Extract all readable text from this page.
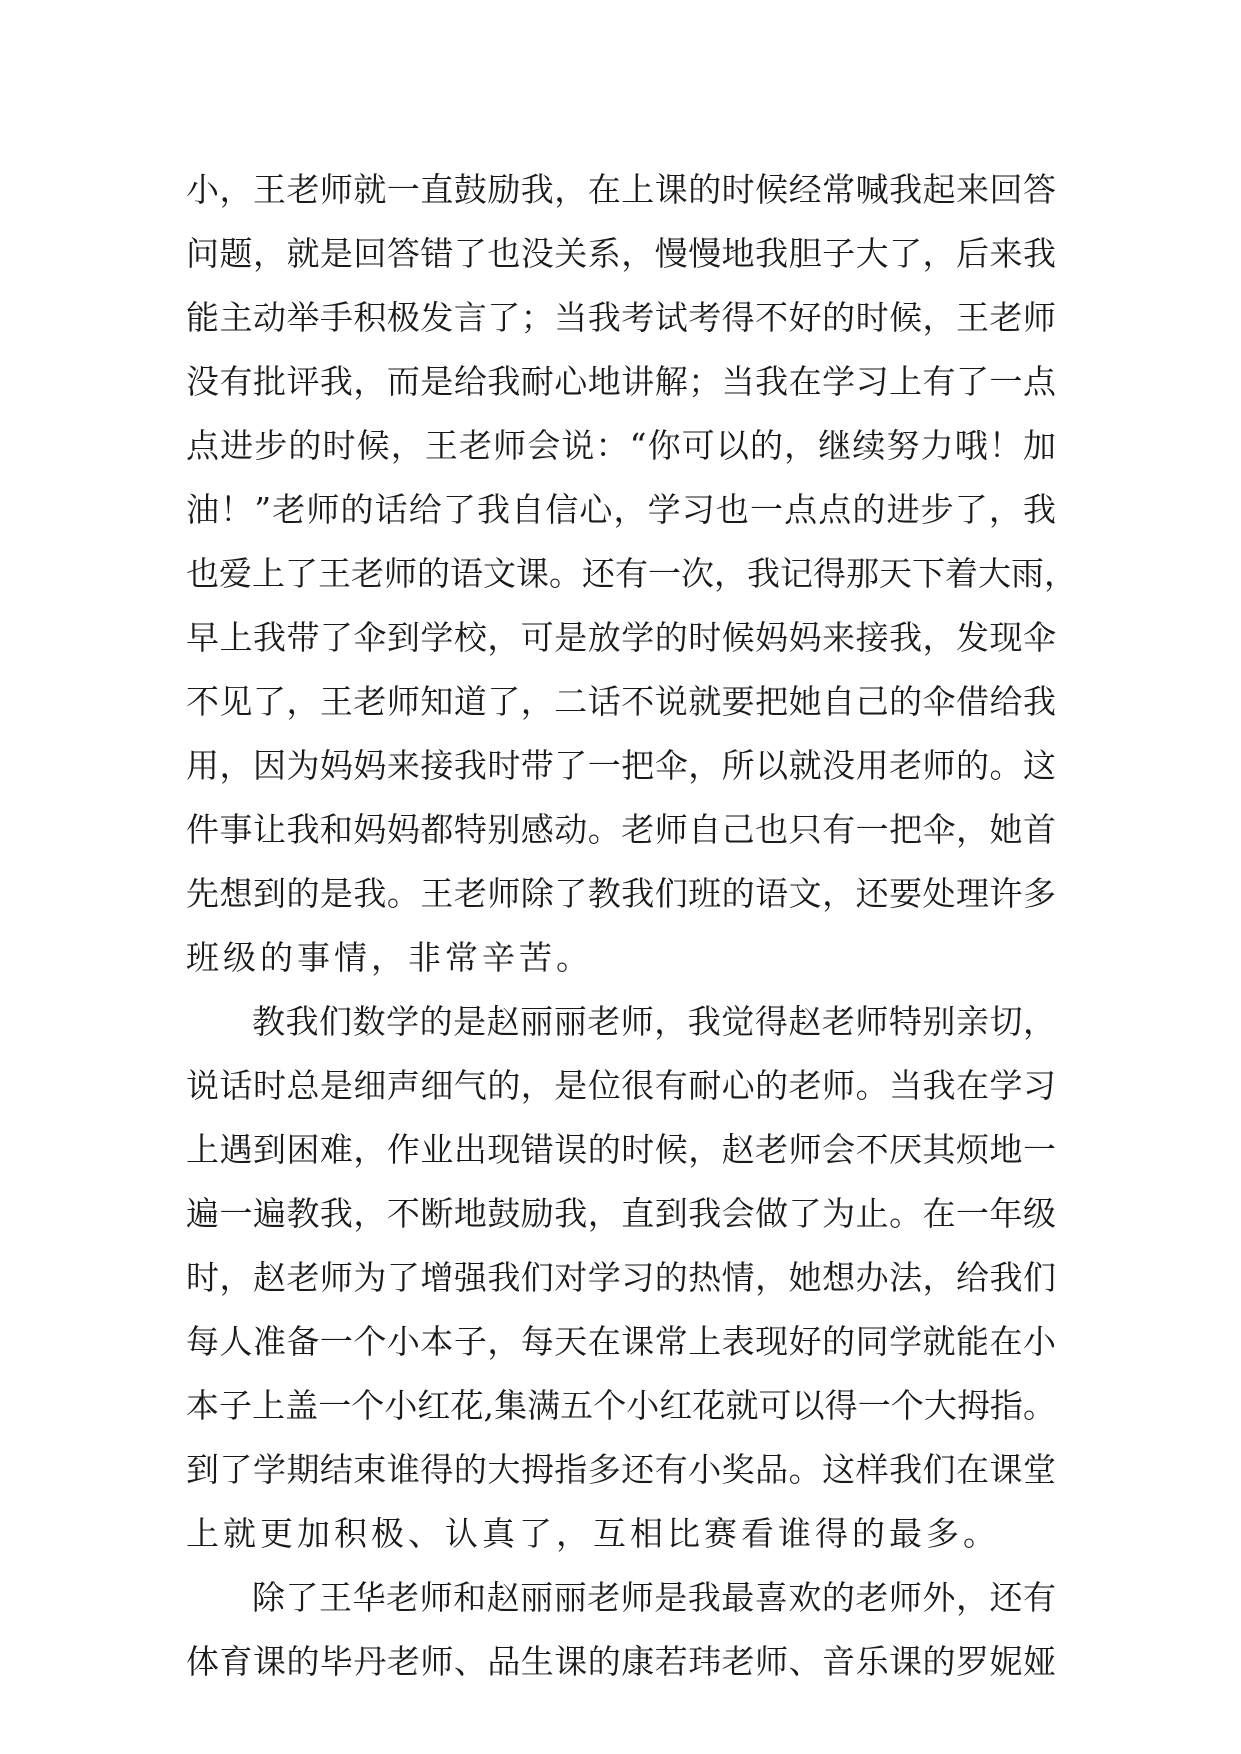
小，王老师就一直鼓励我，在上课的时候经常喊我起来回答
问题，就是回答错了也没关系，慢慢地我胆子大了，后来我
能主动举手积极发言了；当我考试考得不好的时候，王老师
没有批评我，而是给我耐心地讲解；当我在学习上有了一点
点进步的时候，王老师会说：“你可以的，继续努力哦！加
油！”老师的话给了我自信心，学习也一点点的进步了，我
也爱上了王老师的语文课。还有一次，我记得那天下着大雨，
早上我带了伞到学校，可是放学的时候妈妈来接我，发现伞
不见了，王老师知道了，二话不说就要把她自己的伞借给我
用，因为妈妈来接我时带了一把伞，所以就没用老师的。这
件事让我和妈妈都特别感动。老师自己也只有一把伞，她首
先想到的是我。王老师除了教我们班的语文，还要处理许多
班级的事情，非常辛苦。
教我们数学的是赵丽丽老师，我觉得赵老师特别亲切，
说话时总是细声细气的，是位很有耐心的老师。当我在学习
上遇到困难，作业出现错误的时候，赵老师会不厌其烦地一
遍一遍教我，不断地鼓励我，直到我会做了为止。在一年级
时，赵老师为了增强我们对学习的热情，她想办法，给我们
每人准备一个小本子，每天在课常上表现好的同学就能在小
本子上盖一个小红花,集满五个小红花就可以得一个大拇指。
到了学期结束谁得的大拇指多还有小奖品。这样我们在课堂
上就更加积极、认真了，互相比赛看谁得的最多。
除了王华老师和赵丽丽老师是我最喜欢的老师外，还有
体育课的毕丹老师、品生课的康若玮老师、音乐课的罗妮娅
